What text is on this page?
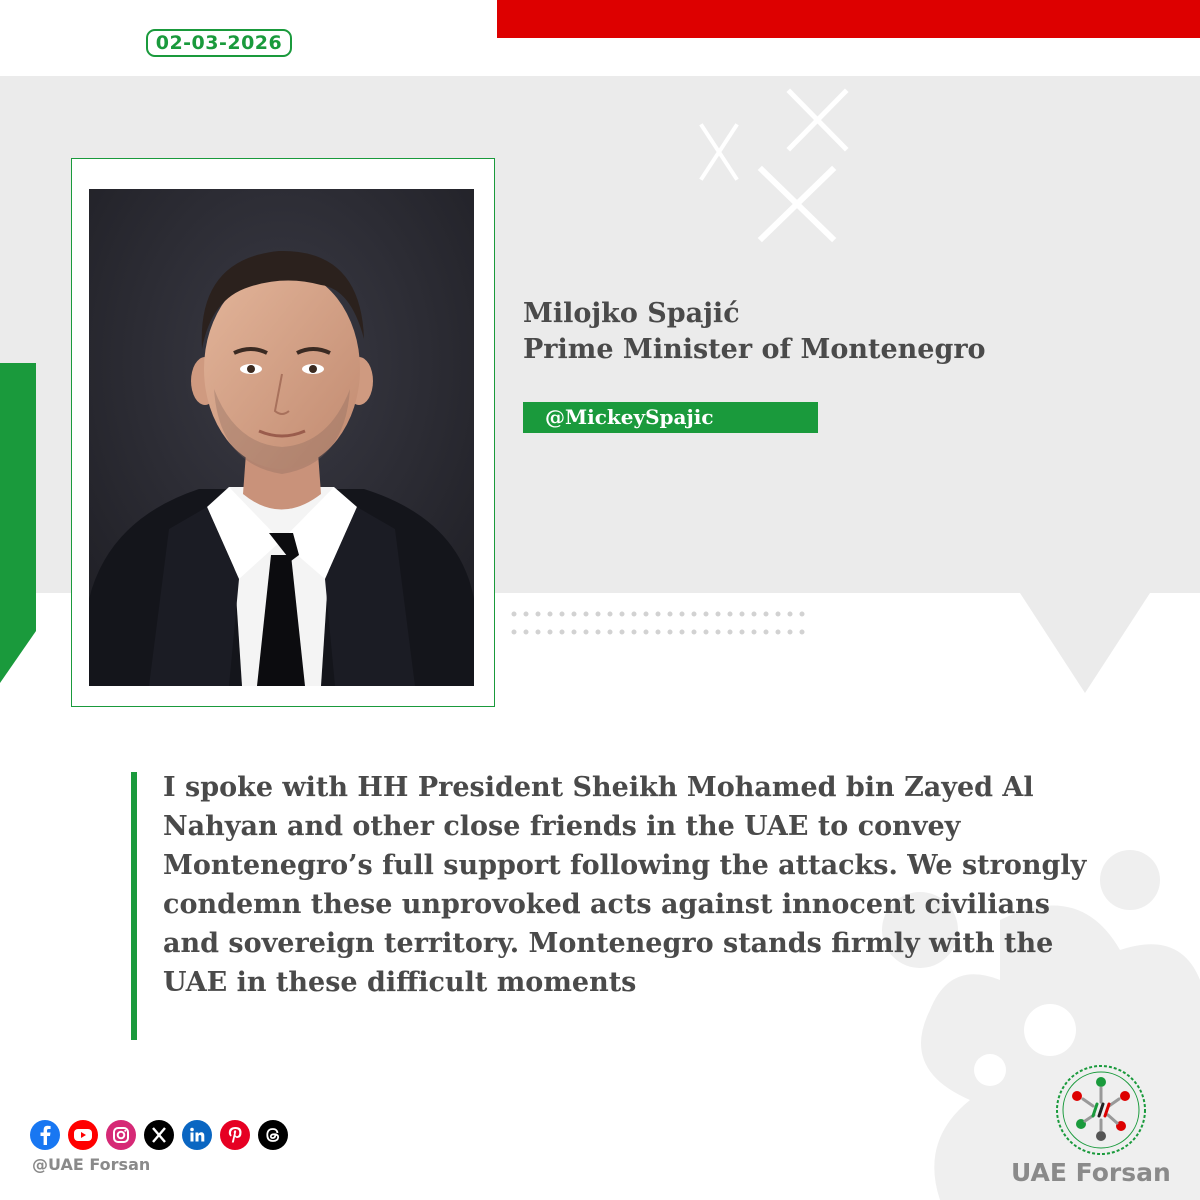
02-03-2026
Milojko Spajić
Prime Minister of Montenegro
@MickeySpajic

I spoke with HH President Sheikh Mohamed bin Zayed Al Nahyan and other close friends in the UAE to convey Montenegro’s full support following the attacks. We strongly condemn these unprovoked acts against innocent civilians and sovereign territory. Montenegro stands firmly with the UAE in these difficult moments

@UAE Forsan	UAE Forsan
